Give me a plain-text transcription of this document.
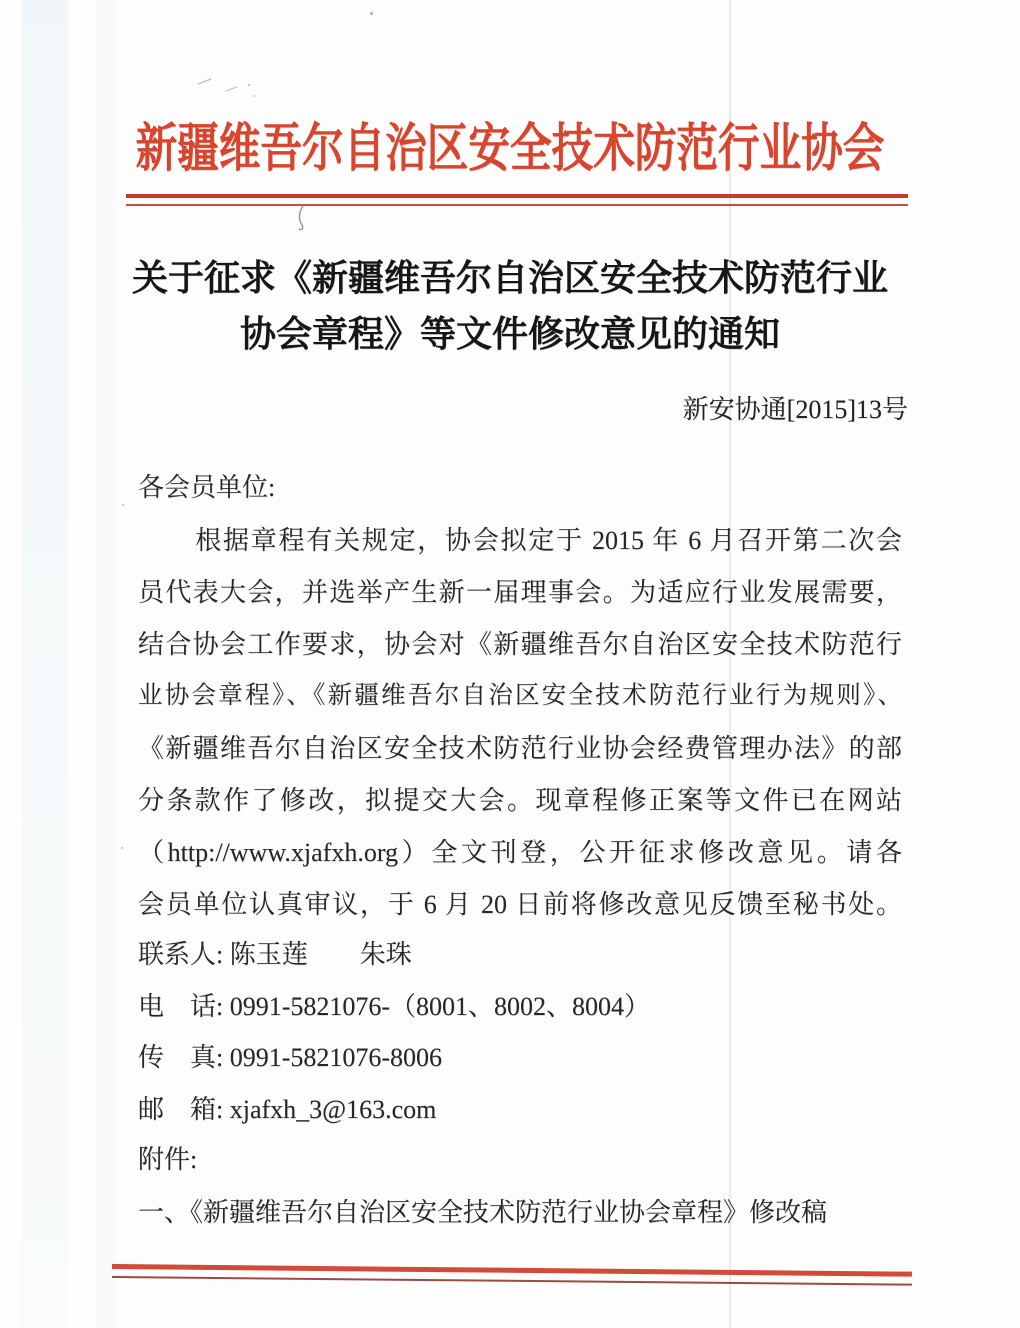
新疆维吾尔自治区安全技术防范行业协会
关于征求《新疆维吾尔自治区安全技术防范行业
协会章程》等文件修改意见的通知
新安协通[2015]13号
各会员单位:
根据章程有关规定，协会拟定于 2015 年 6 月召开第二次会
员代表大会，并选举产生新一届理事会。为适应行业发展需要，
结合协会工作要求，协会对《新疆维吾尔自治区安全技术防范行
业协会章程》、《新疆维吾尔自治区安全技术防范行业行为规则》、
《新疆维吾尔自治区安全技术防范行业协会经费管理办法》的部
分条款作了修改，拟提交大会。现章程修正案等文件已在网站
（http://www.xjafxh.org）全文刊登，公开征求修改意见。请各
会员单位认真审议，于 6 月 20 日前将修改意见反馈至秘书处。
联系人: 陈玉莲　　朱珠
电　话: 0991-5821076-（8001、8002、8004）
传　真: 0991-5821076-8006
邮　箱: xjafxh_3@163.com
附件:
一、《新疆维吾尔自治区安全技术防范行业协会章程》修改稿
